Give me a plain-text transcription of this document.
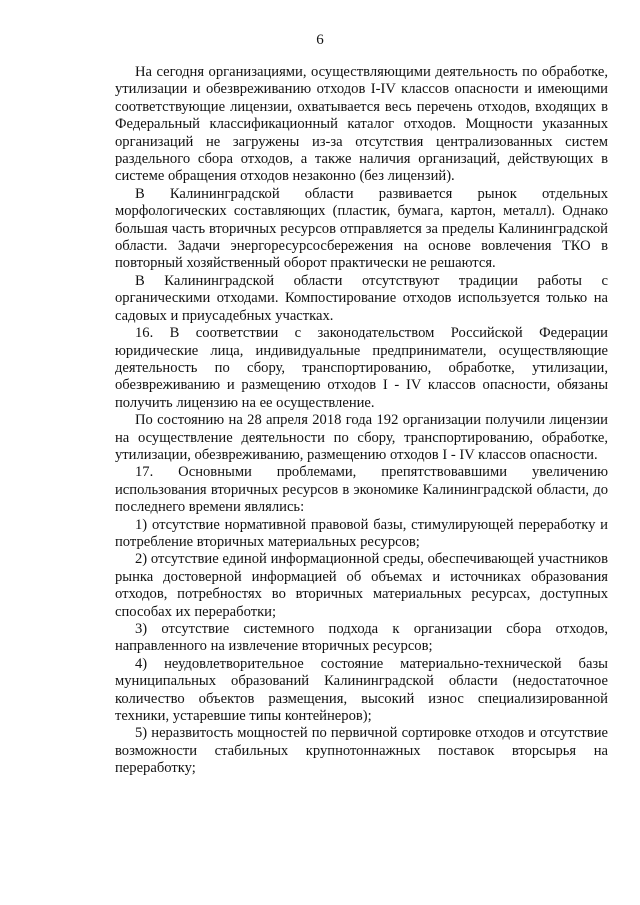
6

На сегодня организациями, осуществляющими деятельность по обработке, утилизации и обезвреживанию отходов I-IV классов опасности и имеющими соответствующие лицензии, охватывается весь перечень отходов, входящих в Федеральный классификационный каталог отходов. Мощности указанных организаций не загружены из-за отсутствия централизованных систем раздельного сбора отходов, а также наличия организаций, действующих в системе обращения отходов незаконно (без лицензий).

В Калининградской области развивается рынок отдельных морфологических составляющих (пластик, бумага, картон, металл). Однако большая часть вторичных ресурсов отправляется за пределы Калининградской области. Задачи энергоресурсосбережения на основе вовлечения ТКО в повторный хозяйственный оборот практически не решаются.

В Калининградской области отсутствуют традиции работы с органическими отходами. Компостирование отходов используется только на садовых и приусадебных участках.

16. В соответствии с законодательством Российской Федерации юридические лица, индивидуальные предприниматели, осуществляющие деятельность по сбору, транспортированию, обработке, утилизации, обезвреживанию и размещению отходов I - IV классов опасности, обязаны получить лицензию на ее осуществление.

По состоянию на 28 апреля 2018 года 192 организации получили лицензии на осуществление деятельности по сбору, транспортированию, обработке, утилизации, обезвреживанию, размещению отходов I - IV классов опасности.

17. Основными проблемами, препятствовавшими увеличению использования вторичных ресурсов в экономике Калининградской области, до последнего времени являлись:

1) отсутствие нормативной правовой базы, стимулирующей переработку и потребление вторичных материальных ресурсов;

2) отсутствие единой информационной среды, обеспечивающей участников рынка достоверной информацией об объемах и источниках образования отходов, потребностях во вторичных материальных ресурсах, доступных способах их переработки;

3) отсутствие системного подхода к организации сбора отходов, направленного на извлечение вторичных ресурсов;

4) неудовлетворительное состояние материально-технической базы муниципальных образований Калининградской области (недостаточное количество объектов размещения, высокий износ специализированной техники, устаревшие типы контейнеров);

5) неразвитость мощностей по первичной сортировке отходов и отсутствие возможности стабильных крупнотоннажных поставок вторсырья на переработку;
